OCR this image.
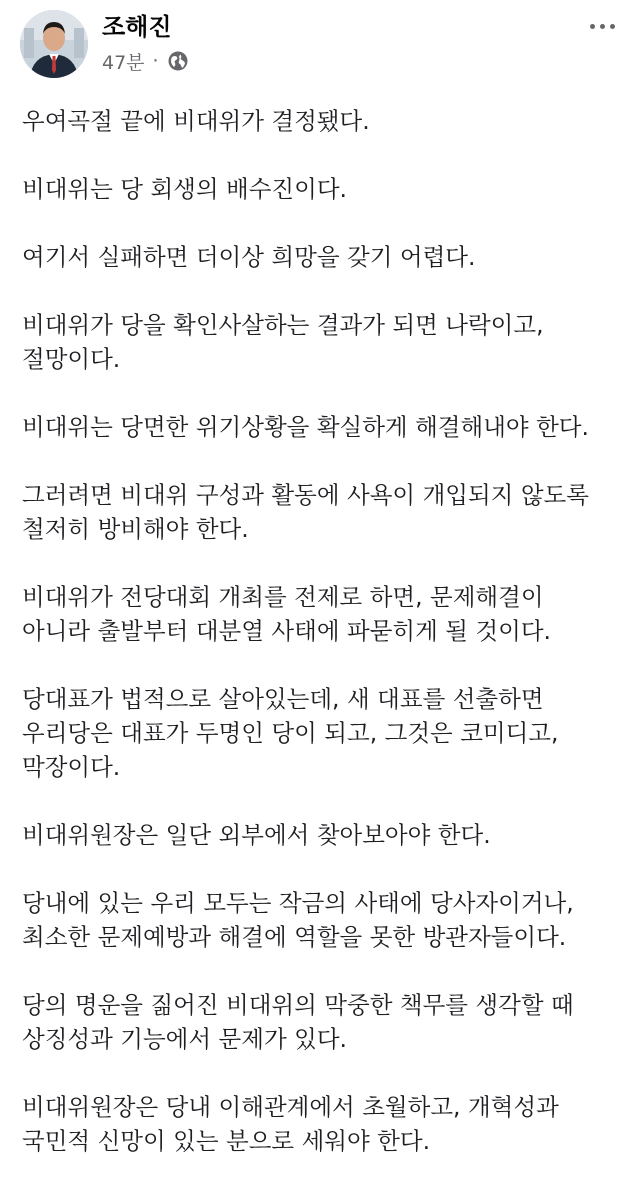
조해진
47분 ·

우여곡절 끝에 비대위가 결정됐다.

비대위는 당 회생의 배수진이다.

여기서 실패하면 더이상 희망을 갖기 어렵다.

비대위가 당을 확인사살하는 결과가 되면 나락이고,
절망이다.

비대위는 당면한 위기상황을 확실하게 해결해내야 한다.

그러려면 비대위 구성과 활동에 사욕이 개입되지 않도록
철저히 방비해야 한다.

비대위가 전당대회 개최를 전제로 하면, 문제해결이
아니라 출발부터 대분열 사태에 파묻히게 될 것이다.

당대표가 법적으로 살아있는데, 새 대표를 선출하면
우리당은 대표가 두명인 당이 되고, 그것은 코미디고,
막장이다.

비대위원장은 일단 외부에서 찾아보아야 한다.

당내에 있는 우리 모두는 작금의 사태에 당사자이거나,
최소한 문제예방과 해결에 역할을 못한 방관자들이다.

당의 명운을 짊어진 비대위의 막중한 책무를 생각할 때
상징성과 기능에서 문제가 있다.

비대위원장은 당내 이해관계에서 초월하고, 개혁성과
국민적 신망이 있는 분으로 세워야 한다.
